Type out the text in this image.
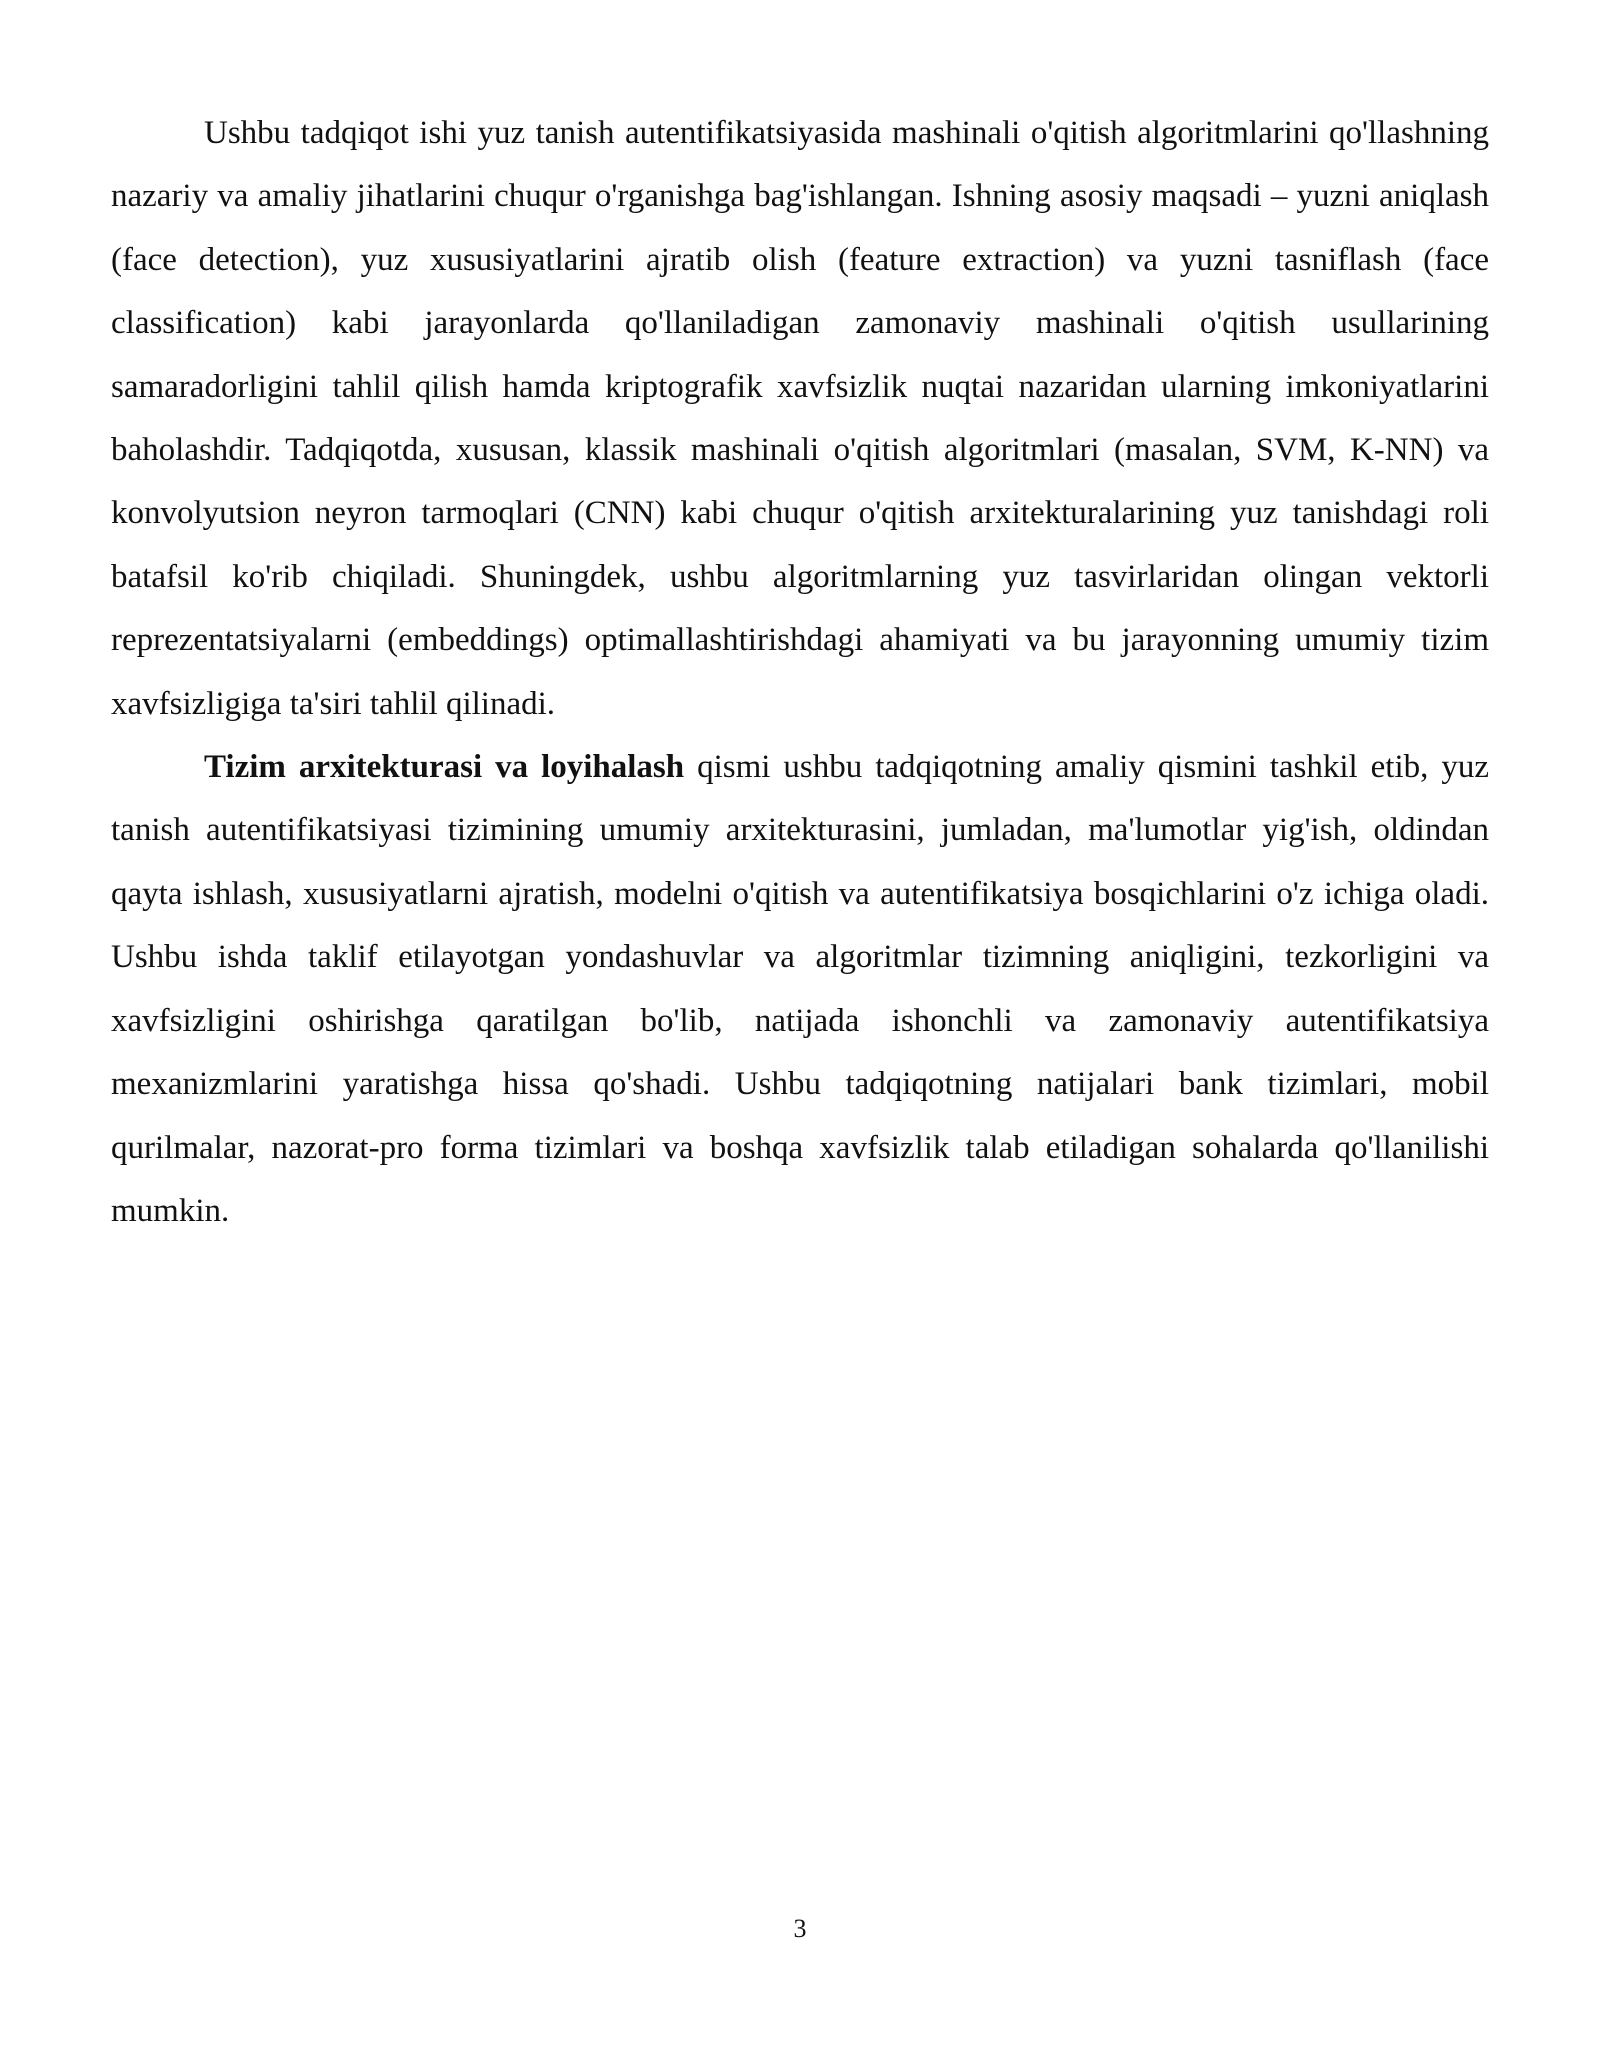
Ushbu tadqiqot ishi yuz tanish autentifikatsiyasida mashinali o'qitish algoritmlarini qo'llashning nazariy va amaliy jihatlarini chuqur o'rganishga bag'ishlangan. Ishning asosiy maqsadi – yuzni aniqlash (face detection), yuz xususiyatlarini ajratib olish (feature extraction) va yuzni tasniflash (face classification) kabi jarayonlarda qo'llaniladigan zamonaviy mashinali o'qitish usullarining samaradorligini tahlil qilish hamda kriptografik xavfsizlik nuqtai nazaridan ularning imkoniyatlarini baholashdir. Tadqiqotda, xususan, klassik mashinali o'qitish algoritmlari (masalan, SVM, K-NN) va konvolyutsion neyron tarmoqlari (CNN) kabi chuqur o'qitish arxitekturalarining yuz tanishdagi roli batafsil ko'rib chiqiladi. Shuningdek, ushbu algoritmlarning yuz tasvirlaridan olingan vektorli reprezentatsiyalarni (embeddings) optimallashtirishdagi ahamiyati va bu jarayonning umumiy tizim xavfsizligiga ta'siri tahlil qilinadi.

Tizim arxitekturasi va loyihalash qismi ushbu tadqiqotning amaliy qismini tashkil etib, yuz tanish autentifikatsiyasi tizimining umumiy arxitekturasini, jumladan, ma'lumotlar yig'ish, oldindan qayta ishlash, xususiyatlarni ajratish, modelni o'qitish va autentifikatsiya bosqichlarini o'z ichiga oladi. Ushbu ishda taklif etilayotgan yondashuvlar va algoritmlar tizimning aniqligini, tezkorligini va xavfsizligini oshirishga qaratilgan bo'lib, natijada ishonchli va zamonaviy autentifikatsiya mexanizmlarini yaratishga hissa qo'shadi. Ushbu tadqiqotning natijalari bank tizimlari, mobil qurilmalar, nazorat-pro forma tizimlari va boshqa xavfsizlik talab etiladigan sohalarda qo'llanilishi mumkin.

3
